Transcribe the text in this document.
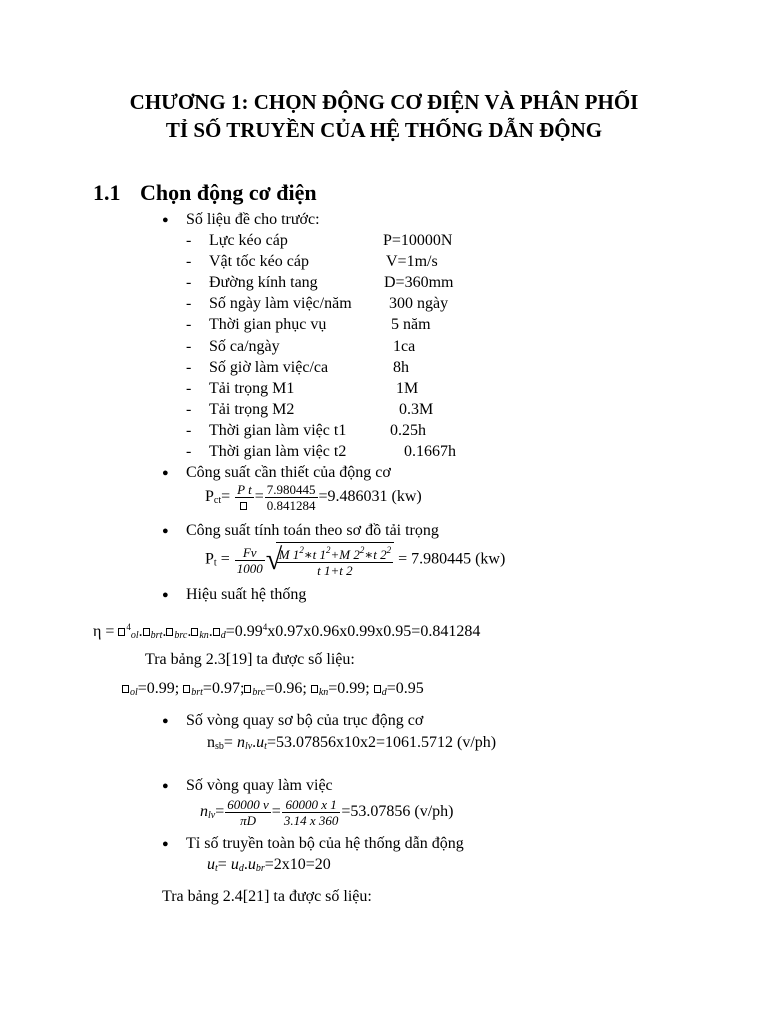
CHƯƠNG 1: CHỌN ĐỘNG CƠ ĐIỆN VÀ PHÂN PHỐI
TỈ SỐ TRUYỀN CỦA HỆ THỐNG DẪN ĐỘNG
1.1 Chọn động cơ điện
● Số liệu đề cho trước:
- Lực kéo cáp	P=10000N
- Vật tốc kéo cáp	V=1m/s
- Đường kính tang	D=360mm
- Số ngày làm việc/năm 300 ngày
- Thời gian phục vụ	5 năm
- Số ca/ngày	1ca
- Số giờ làm việc/ca	8h
- Tải trọng M1	1M
- Tải trọng M2	0.3M
- Thời gian làm việc t1	0.25h
- Thời gian làm việc t2	0.1667h
● Công suất cần thiết của động cơ
$P_{ct}= P$ $t = \frac{7.980445}{0.841284} =9.486031$ (kw)
● Công suất tính toán theo sơ đồ tải trọng
$P_t = \frac{Fv}{1000}$ √
$\frac{M 1^2∗t 1^2+M 2^2∗t 2^2}{t 1+t 2} = 7.980445$ (kw)
● Hiệu suất hệ thống
η = $^4$ol. brt. brc. kn. $d=0.99^4x0.97x0.96x0.99x0.95=0.841284$
Tra bảng 2.3[19] ta được số liệu:
ol=0.99; brt=0.97; brc=0.96; kn=0.99; d=0.95
● Số vòng quay sơ bộ của trục động cơ
$n_{sb}= nlv.ut=53.07856x10x2=1061.5712$ (v/ph)
● Số vòng quay làm việc
$nlv= \frac{60000 v}{\pi D} = \frac{60000 x 1}{3.14 x 360} =53.07856$ (v/ph)
● Tỉ số truyền toàn bộ của hệ thống dẫn động
ut= ud.ubr=2x10=20
Tra bảng 2.4[21] ta được số liệu:
